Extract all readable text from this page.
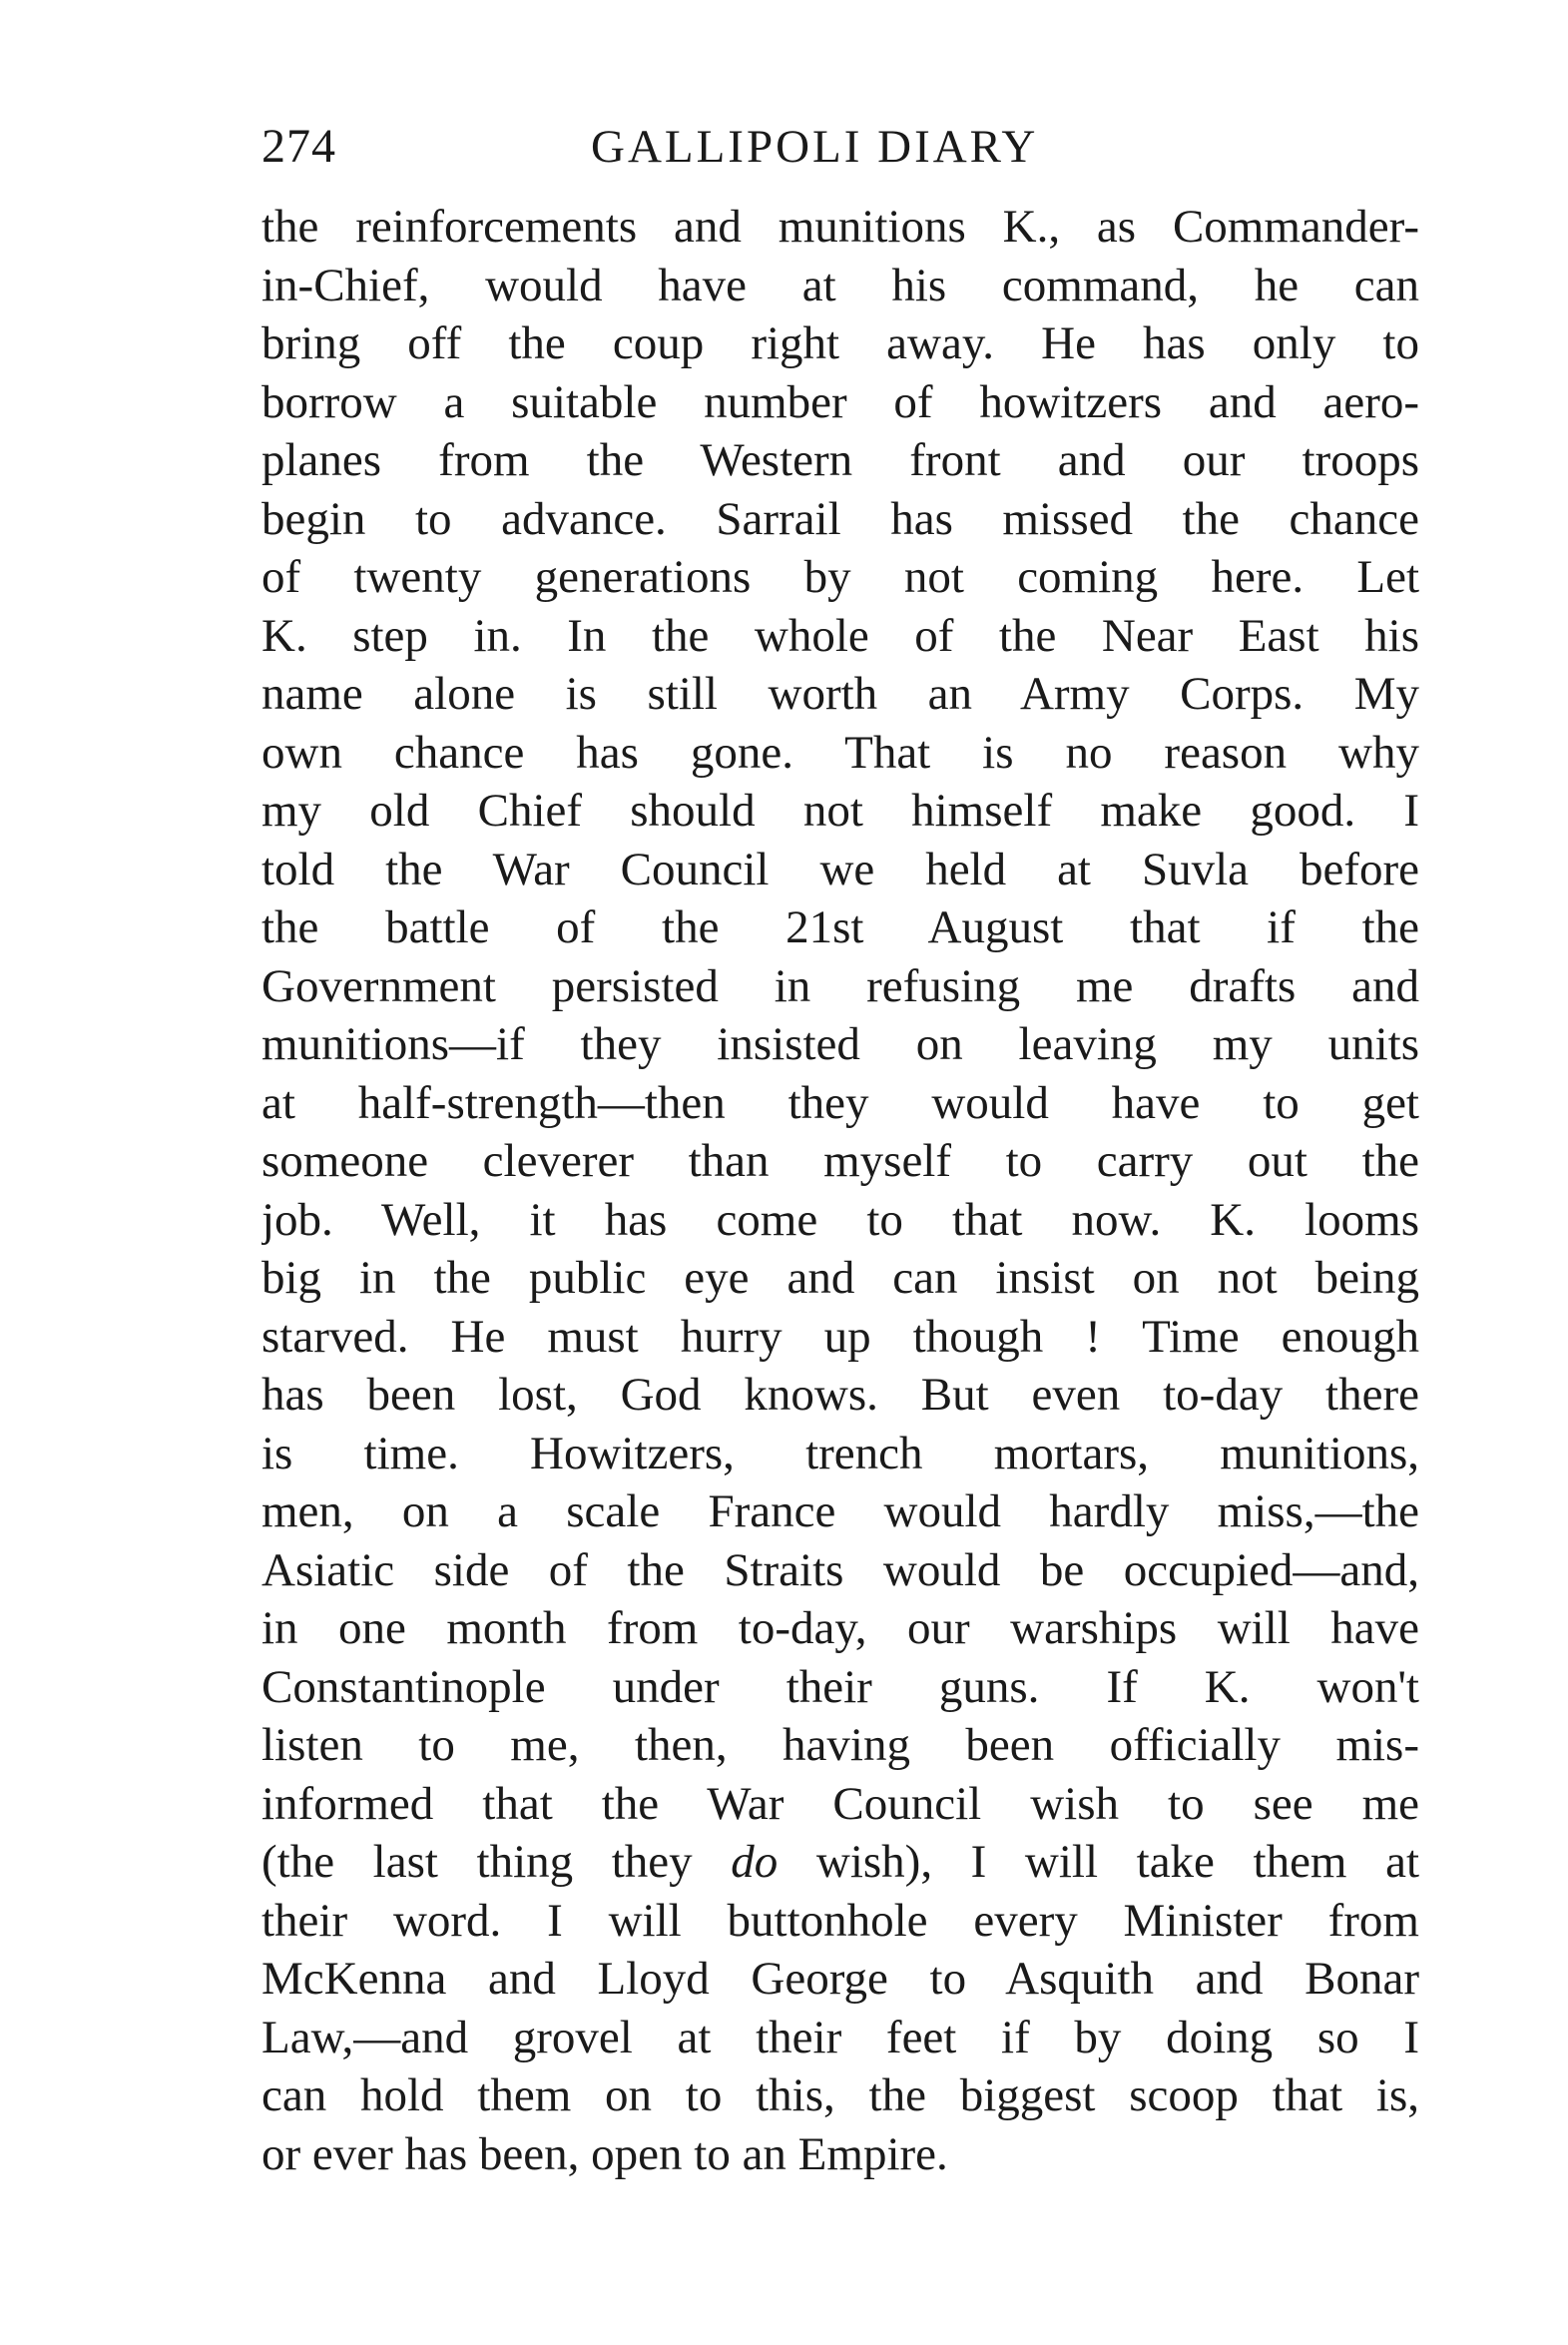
274	GALLIPOLI DIARY
the reinforcements and munitions K., as Commander-
in-Chief, would have at his command, he can
bring off the coup right away. He has only to
borrow a suitable number of howitzers and aero-
planes from the Western front and our troops
begin to advance. Sarrail has missed the chance
of twenty generations by not coming here. Let
K. step in. In the whole of the Near East his
name alone is still worth an Army Corps. My
own chance has gone. That is no reason why
my old Chief should not himself make good. I
told the War Council we held at Suvla before
the battle of the 21st August that if the
Government persisted in refusing me drafts and
munitions—if they insisted on leaving my units
at half-strength—then they would have to get
someone cleverer than myself to carry out the
job. Well, it has come to that now. K. looms
big in the public eye and can insist on not being
starved. He must hurry up though ! Time enough
has been lost, God knows. But even to-day there
is time. Howitzers, trench mortars, munitions,
men, on a scale France would hardly miss,—the
Asiatic side of the Straits would be occupied—and,
in one month from to-day, our warships will have
Constantinople under their guns. If K. won't
listen to me, then, having been officially mis-
informed that the War Council wish to see me
(the last thing they do wish), I will take them at
their word. I will buttonhole every Minister from
McKenna and Lloyd George to Asquith and Bonar
Law,—and grovel at their feet if by doing so I
can hold them on to this, the biggest scoop that is,
or ever has been, open to an Empire.
